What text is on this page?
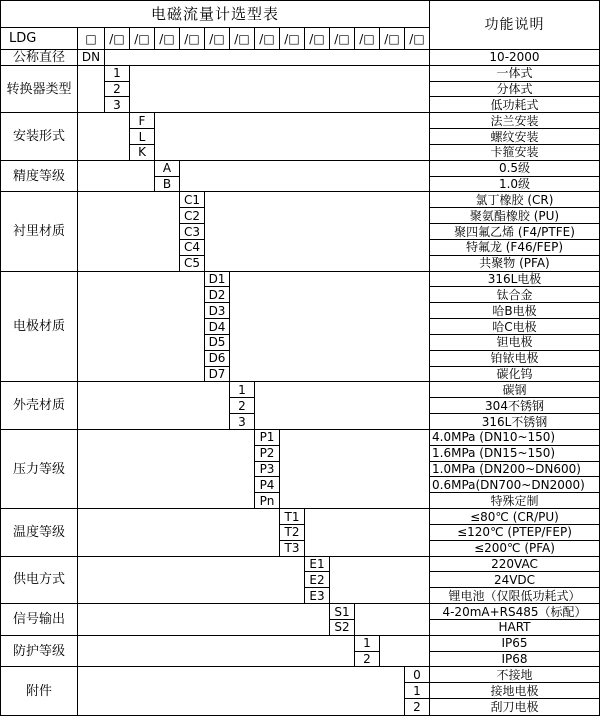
电磁流量计选型表
功能说明
LDG	□	/□ /□ /□ /□ /□ /□ /□ /□ /□ /□ /□ /□ /□
公称直径	DN	10-2000
转换器类型
1	一体式
2	分体式
3	低功耗式
安装形式
F	法兰安装
L	螺纹安装
K	卡箍安装
精度等级
A	0.5级
B	1.0级
衬里材质
C1	氯丁橡胶 (CR)
C2	聚氨酯橡胶 (PU)
C3	聚四氟乙烯 (F4/PTFE)
C4	特氟龙 (F46/FEP)
C5	共聚物 (PFA)
电极材质
D1	316L电极
D2	钛合金
D3	哈B电极
D4	哈C电极
D5	钽电极
D6	铂铱电极
D7	碳化钨
外壳材质
1	碳钢
2	304不锈钢
3	316L不锈钢
压力等级
P1	4.0MPa (DN10~150)
P2	1.6MPa (DN15~150)
P3	1.0MPa (DN200~DN600)
P4	0.6MPa(DN700~DN2000)
Pn	特殊定制
温度等级
T1	≤80℃ (CR/PU)
T2	≤120℃ (PTEP/FEP)
T3	≤200℃ (PFA)
供电方式
E1	220VAC
E2	24VDC
E3	锂电池（仅限低功耗式）
信号输出
S1	4-20mA+RS485（标配）
S2	HART
防护等级
1	IP65
2	IP68
附件
0	不接地
1	接地电极
2	刮刀电极
